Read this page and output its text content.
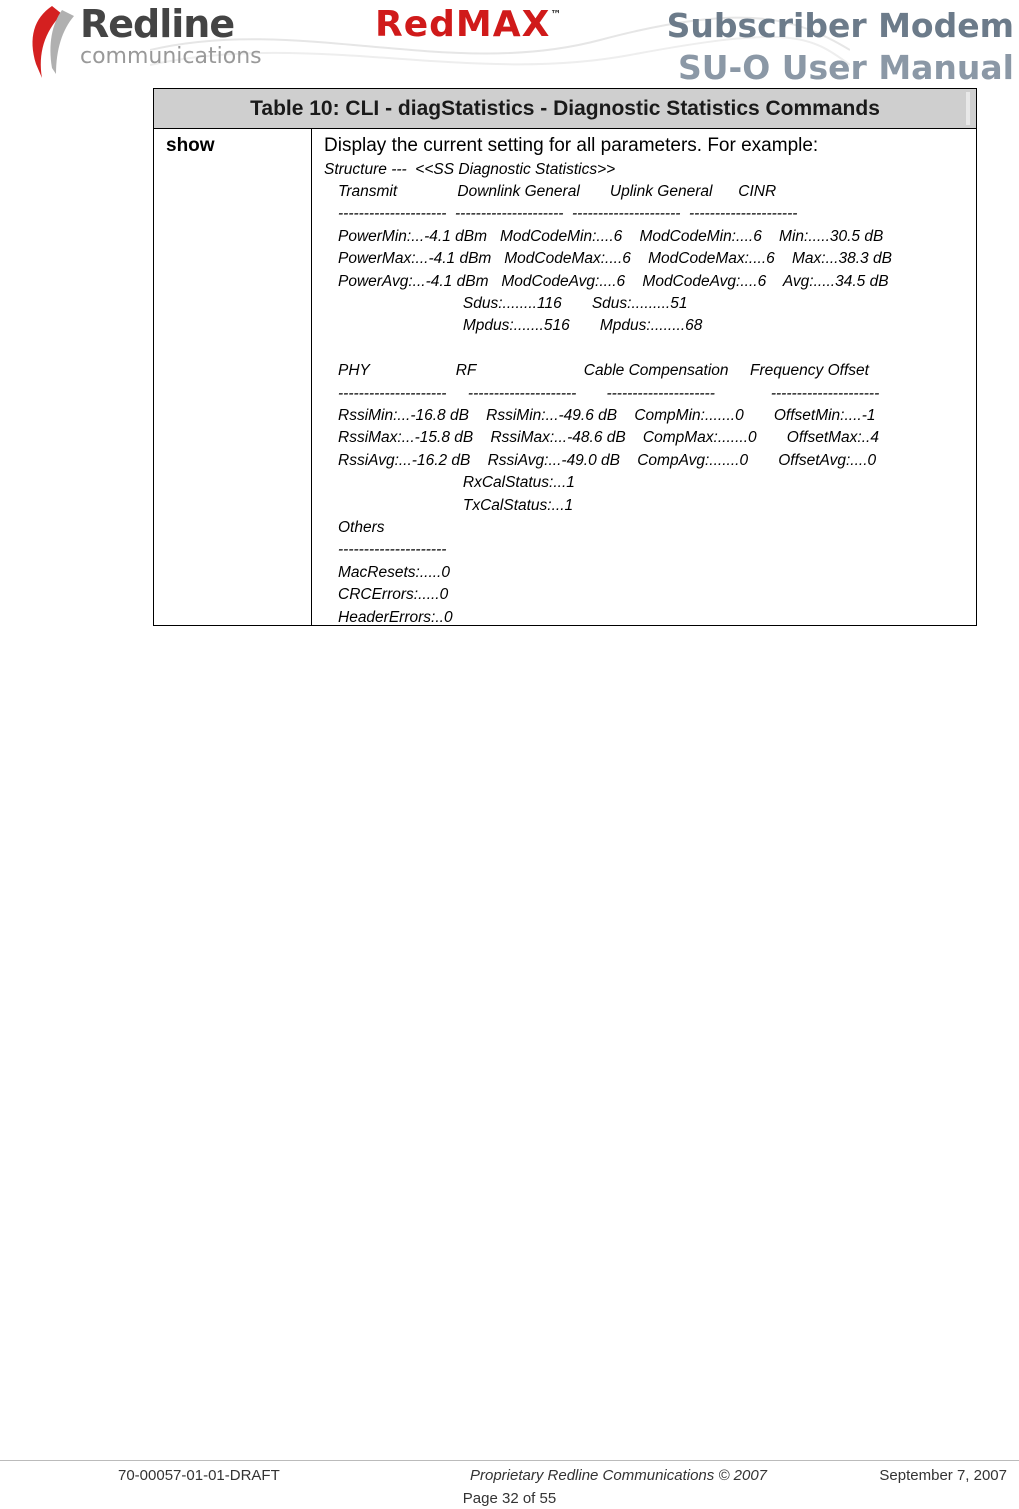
Redline
communications
RedMAX™	Subscriber Modem
SU-O User Manual
Table 10: CLI - diagStatistics - Diagnostic Statistics Commands
show	Display the current setting for all parameters. For example:
Structure ---  <<SS Diagnostic Statistics>>
Transmit              Downlink General       Uplink General      CINR
---------------------  ---------------------  ---------------------  ---------------------
PowerMin:...-4.1 dBm   ModCodeMin:....6    ModCodeMin:....6    Min:.....30.5 dB
PowerMax:...-4.1 dBm   ModCodeMax:....6    ModCodeMax:....6    Max:...38.3 dB
PowerAvg:...-4.1 dBm   ModCodeAvg:....6    ModCodeAvg:....6    Avg:.....34.5 dB
Sdus:........116       Sdus:.........51
Mpdus:.......516       Mpdus:........68
PHY                    RF                         Cable Compensation     Frequency Offset
---------------------     ---------------------       ---------------------             ---------------------
RssiMin:...-16.8 dB    RssiMin:...-49.6 dB    CompMin:.......0       OffsetMin:....-1
RssiMax:...-15.8 dB    RssiMax:...-48.6 dB    CompMax:.......0       OffsetMax:..4
RssiAvg:...-16.2 dB    RssiAvg:...-49.0 dB    CompAvg:.......0       OffsetAvg:....0
RxCalStatus:...1
TxCalStatus:...1
Others
---------------------
MacResets:.....0
CRCErrors:.....0
HeaderErrors:..0
70-00057-01-01-DRAFT	Proprietary Redline Communications © 2007	September 7, 2007
Page 32 of 55
